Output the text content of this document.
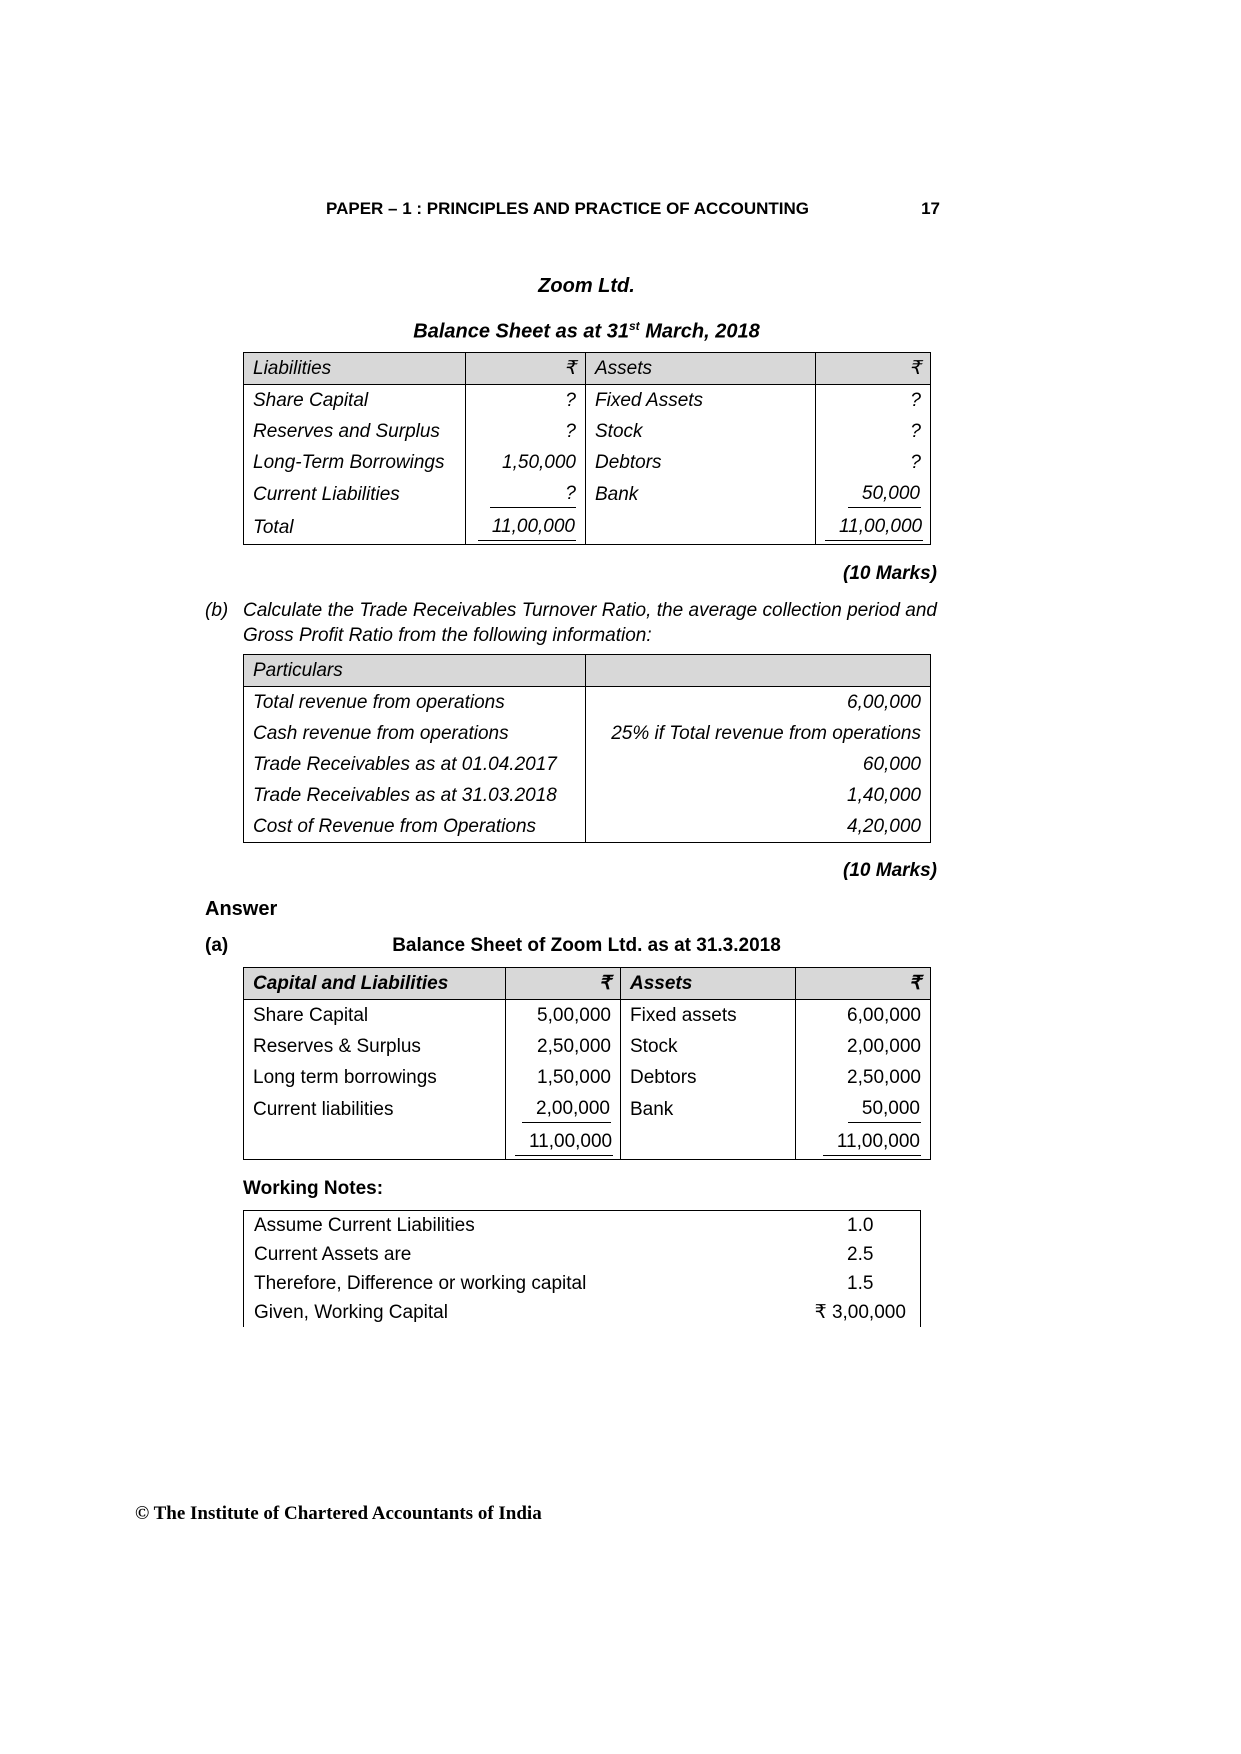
PAPER – 1 : PRINCIPLES AND PRACTICE OF ACCOUNTING	17
Zoom Ltd.
Balance Sheet as at 31st March, 2018
Liabilities	₹	Assets	₹
Share Capital	?	Fixed Assets	?
Reserves and Surplus	?	Stock	?
Long-Term Borrowings	1,50,000	Debtors	?
Current Liabilities	?	Bank	50,000
Total	11,00,000		11,00,000
(10 Marks)
(b) Calculate the Trade Receivables Turnover Ratio, the average collection period and Gross Profit Ratio from the following information:
Particulars	
Total revenue from operations	6,00,000
Cash revenue from operations	25% if Total revenue from operations
Trade Receivables as at 01.04.2017	60,000
Trade Receivables as at 31.03.2018	1,40,000
Cost of Revenue from Operations	4,20,000
(10 Marks)
Answer
(a)	Balance Sheet of Zoom Ltd. as at 31.3.2018
Capital and Liabilities	₹	Assets	₹
Share Capital	5,00,000	Fixed assets	6,00,000
Reserves & Surplus	2,50,000	Stock	2,00,000
Long term borrowings	1,50,000	Debtors	2,50,000
Current liabilities	2,00,000	Bank	50,000
	11,00,000		11,00,000
Working Notes:
Assume Current Liabilities	1.0
Current Assets are	2.5
Therefore, Difference or working capital	1.5
Given, Working Capital	₹ 3,00,000
© The Institute of Chartered Accountants of India
